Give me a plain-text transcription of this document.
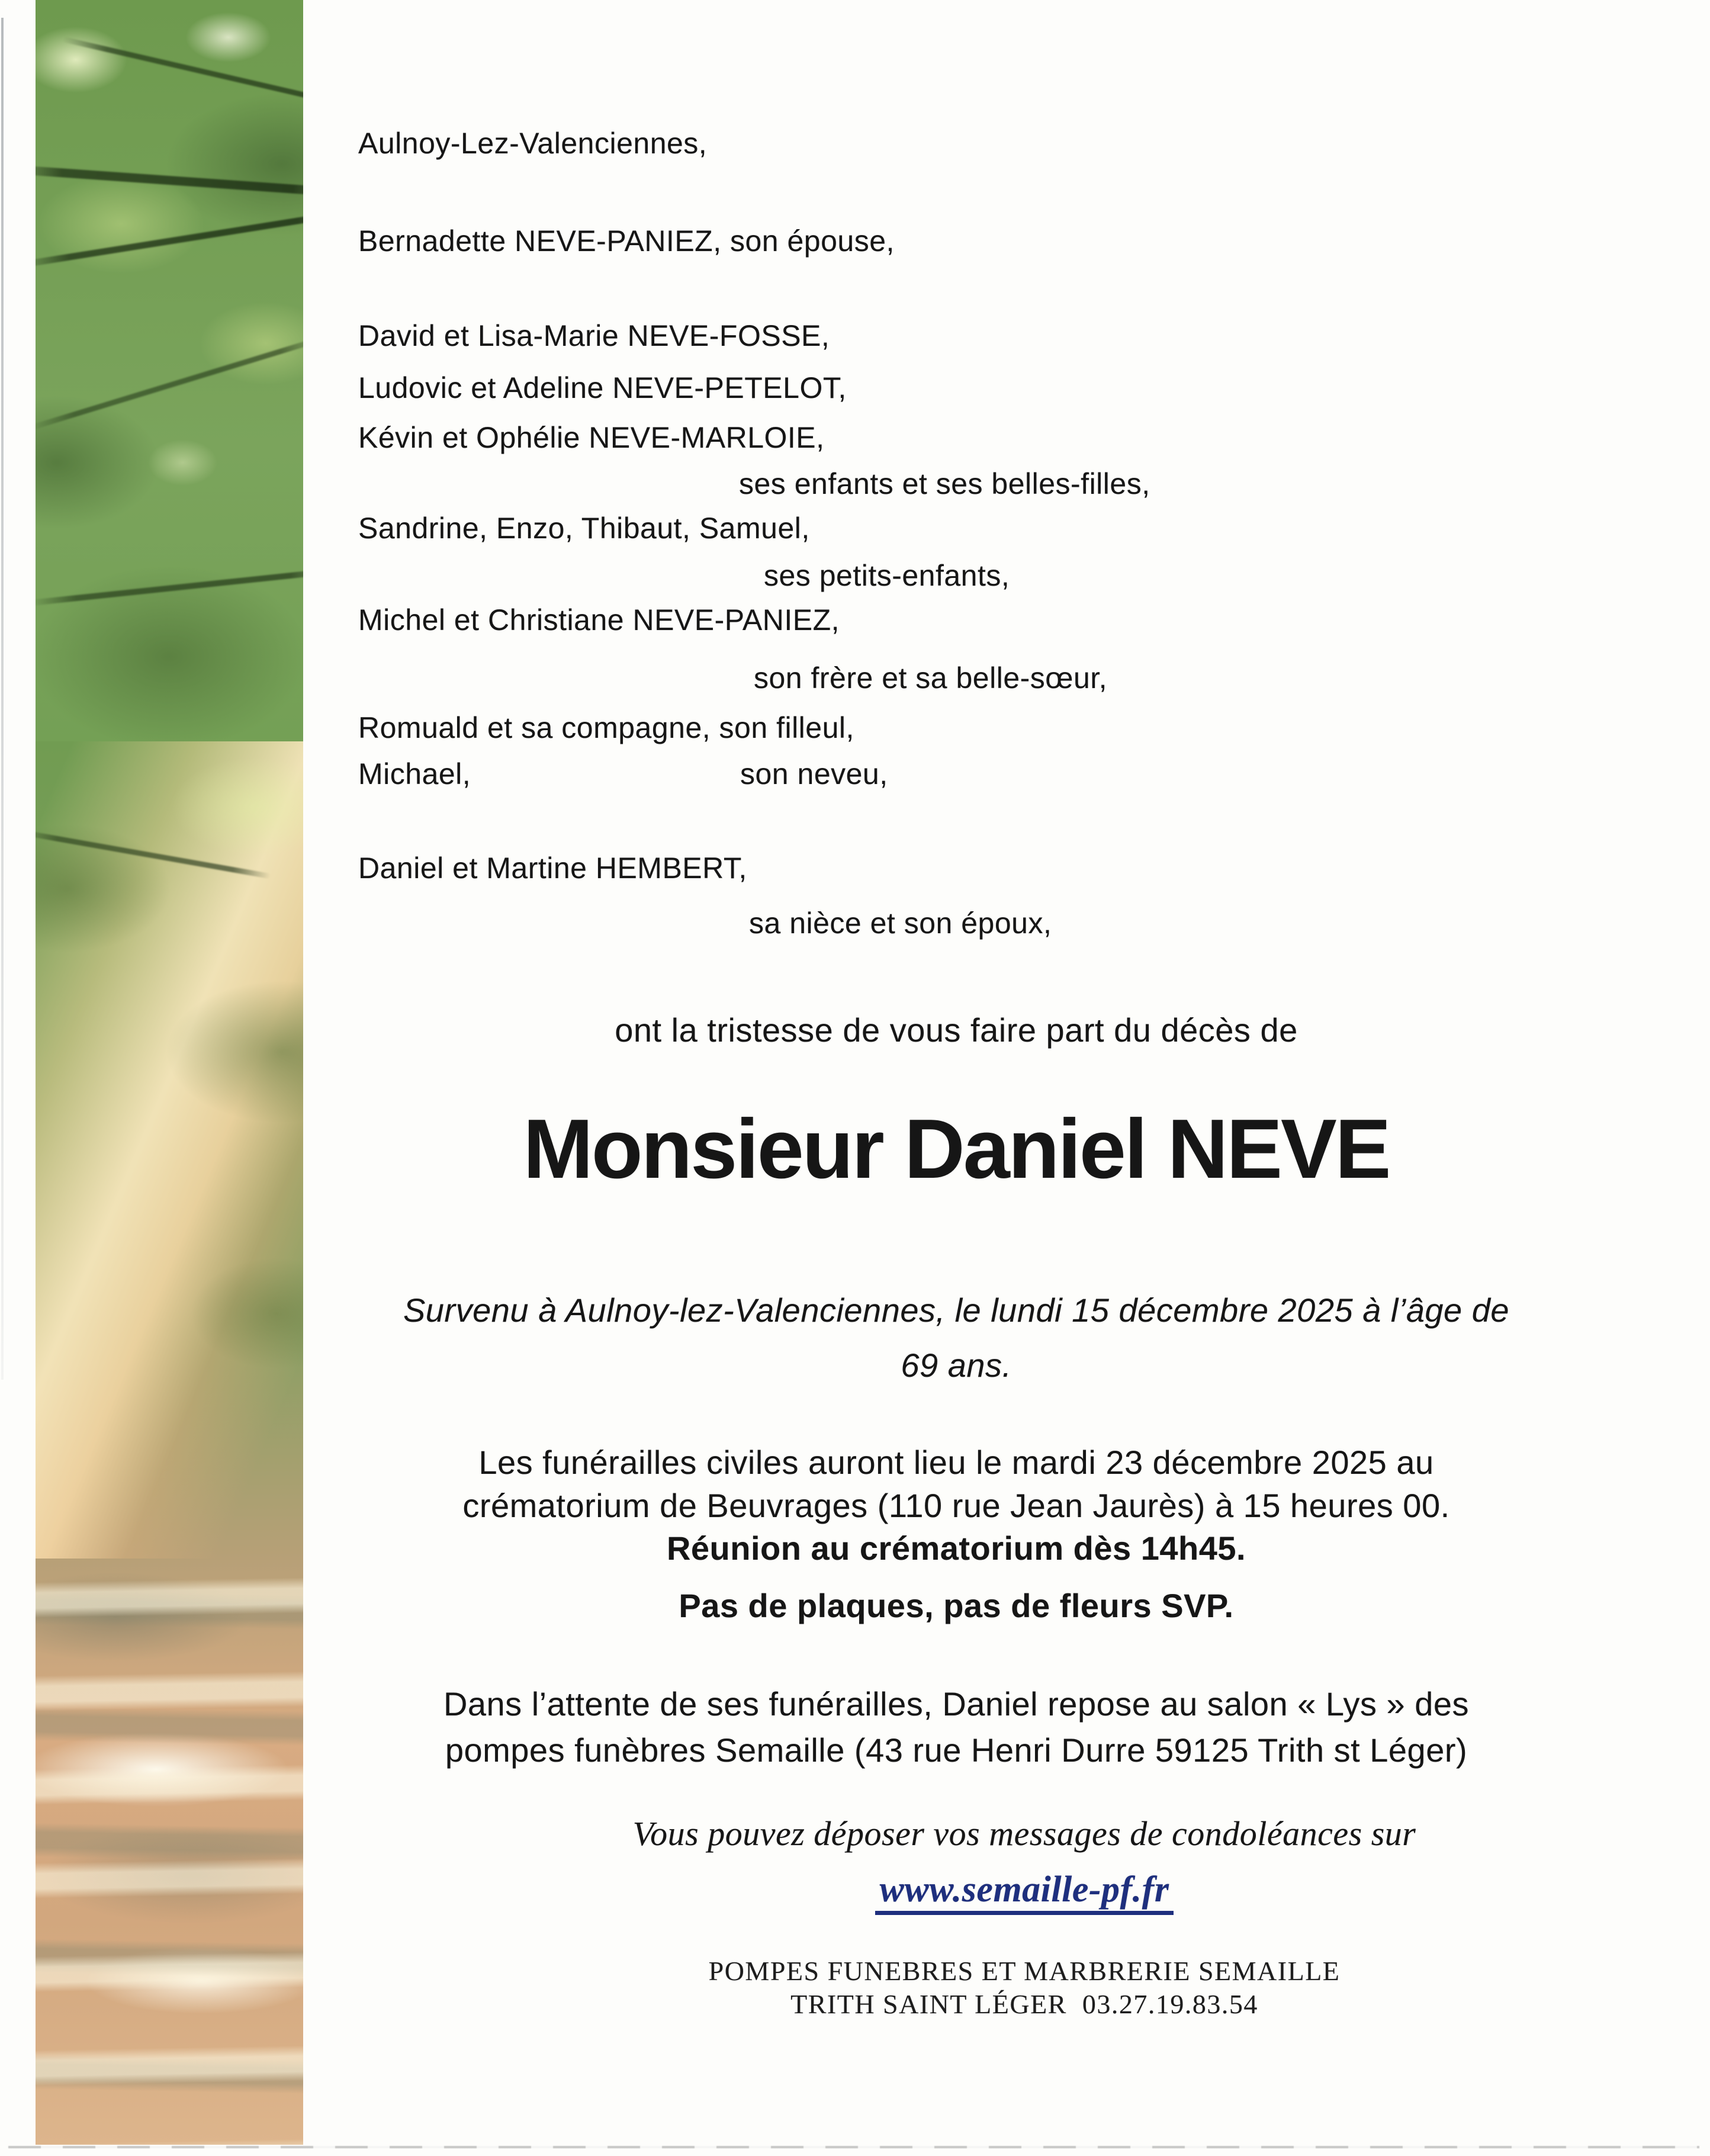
Aulnoy-Lez-Valenciennes,
Bernadette NEVE-PANIEZ, son épouse,
David et Lisa-Marie NEVE-FOSSE,
Ludovic et Adeline NEVE-PETELOT,
Kévin et Ophélie NEVE-MARLOIE,
ses enfants et ses belles-filles,
Sandrine, Enzo, Thibaut, Samuel,
ses petits-enfants,
Michel et Christiane NEVE-PANIEZ,
son frère et sa belle-sœur,
Romuald et sa compagne, son filleul,
Michael,	son neveu,
Daniel et Martine HEMBERT,
sa nièce et son époux,
ont la tristesse de vous faire part du décès de
Monsieur Daniel NEVE
Survenu à Aulnoy-lez-Valenciennes, le lundi 15 décembre 2025 à l’âge de
69 ans.
Les funérailles civiles auront lieu le mardi 23 décembre 2025 au
crématorium de Beuvrages (110 rue Jean Jaurès) à 15 heures 00.
Réunion au crématorium dès 14h45.
Pas de plaques, pas de fleurs SVP.
Dans l’attente de ses funérailles, Daniel repose au salon « Lys » des
pompes funèbres Semaille (43 rue Henri Durre 59125 Trith st Léger)
Vous pouvez déposer vos messages de condoléances sur
www.semaille-pf.fr
POMPES FUNEBRES ET MARBRERIE SEMAILLE
TRITH SAINT LÉGER  03.27.19.83.54
